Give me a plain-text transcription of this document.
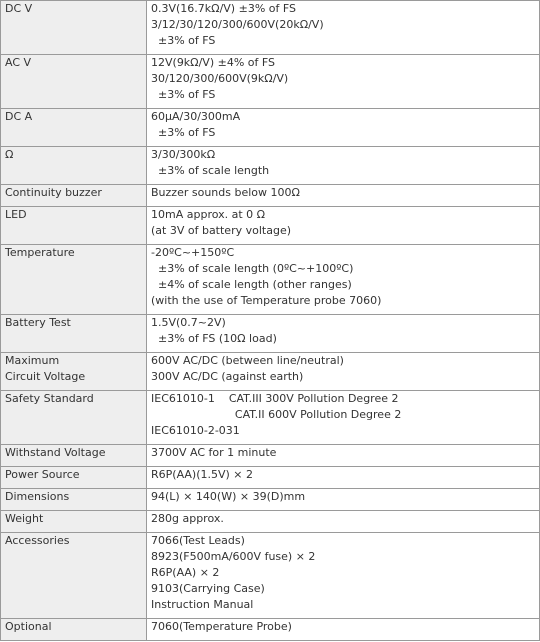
DC V	0.3V(16.7kΩ/V) ±3% of FS
3/12/30/120/300/600V(20kΩ/V)
±3% of FS

AC V	12V(9kΩ/V) ±4% of FS
30/120/300/600V(9kΩ/V)
±3% of FS

DC A	60μA/30/300mA
±3% of FS

Ω	3/30/300kΩ
±3% of scale length

Continuity buzzer	Buzzer sounds below 100Ω

LED	10mA approx. at 0 Ω
(at 3V of battery voltage)

Temperature	-20ºC~+150ºC
±3% of scale length (0ºC~+100ºC)
±4% of scale length (other ranges)
(with the use of Temperature probe 7060)

Battery Test	1.5V(0.7~2V)
±3% of FS (10Ω load)

Maximum
Circuit Voltage	600V AC/DC (between line/neutral)
300V AC/DC (against earth)

Safety Standard	IEC61010-1    CAT.III 300V Pollution Degree 2
CAT.II 600V Pollution Degree 2
IEC61010-2-031

Withstand Voltage	3700V AC for 1 minute

Power Source	R6P(AA)(1.5V) × 2

Dimensions	94(L) × 140(W) × 39(D)mm

Weight	280g approx.

Accessories	7066(Test Leads)
8923(F500mA/600V fuse) × 2
R6P(AA) × 2
9103(Carrying Case)
Instruction Manual

Optional	7060(Temperature Probe)
